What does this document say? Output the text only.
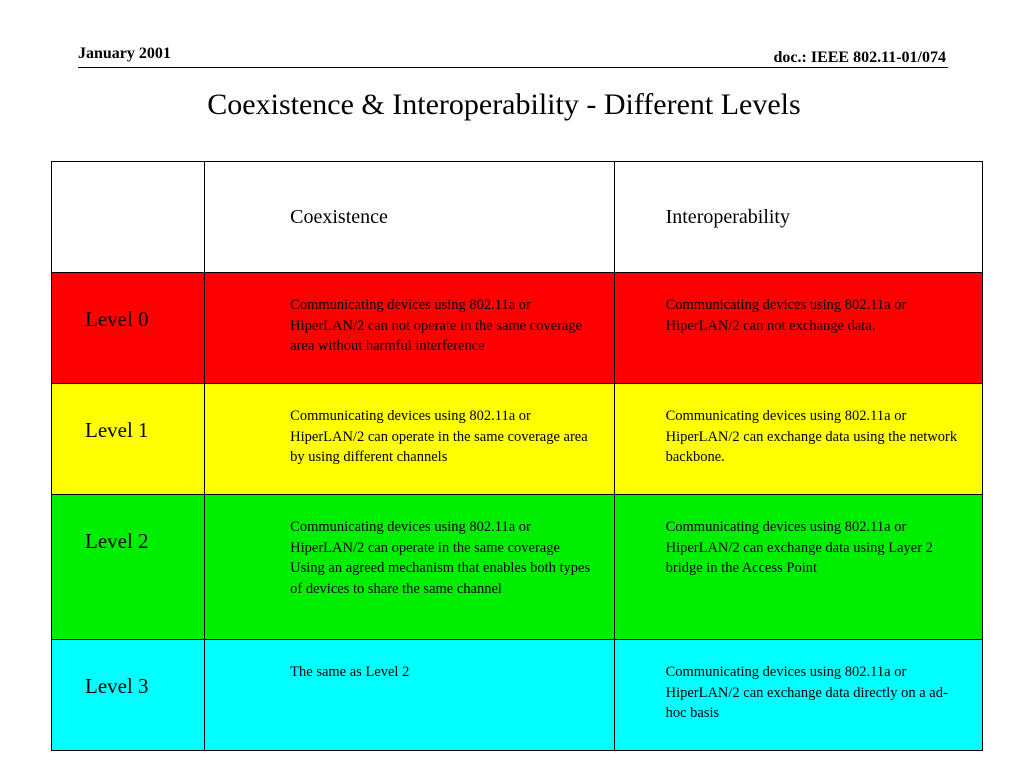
January 2001	doc.: IEEE 802.11-01/074
Coexistence & Interoperability - Different Levels

	Coexistence	Interoperability

Level 0	Communicating devices using 802.11a or HiperLAN/2 can not operate in the same coverage area without harmful interference	Communicating devices using 802.11a or HiperLAN/2 can not exchange data.

Level 1	Communicating devices using 802.11a or HiperLAN/2 can operate in the same coverage area by using different channels	Communicating devices using 802.11a or HiperLAN/2 can exchange data using the network backbone.

Level 2	Communicating devices using 802.11a or HiperLAN/2 can operate in the same coverage Using an agreed mechanism that enables both types of devices to share the same channel	Communicating devices using 802.11a or HiperLAN/2 can exchange data using Layer 2 bridge in the Access Point

Level 3	The same as Level 2	Communicating devices using 802.11a or HiperLAN/2 can exchange data directly on a ad-hoc basis
